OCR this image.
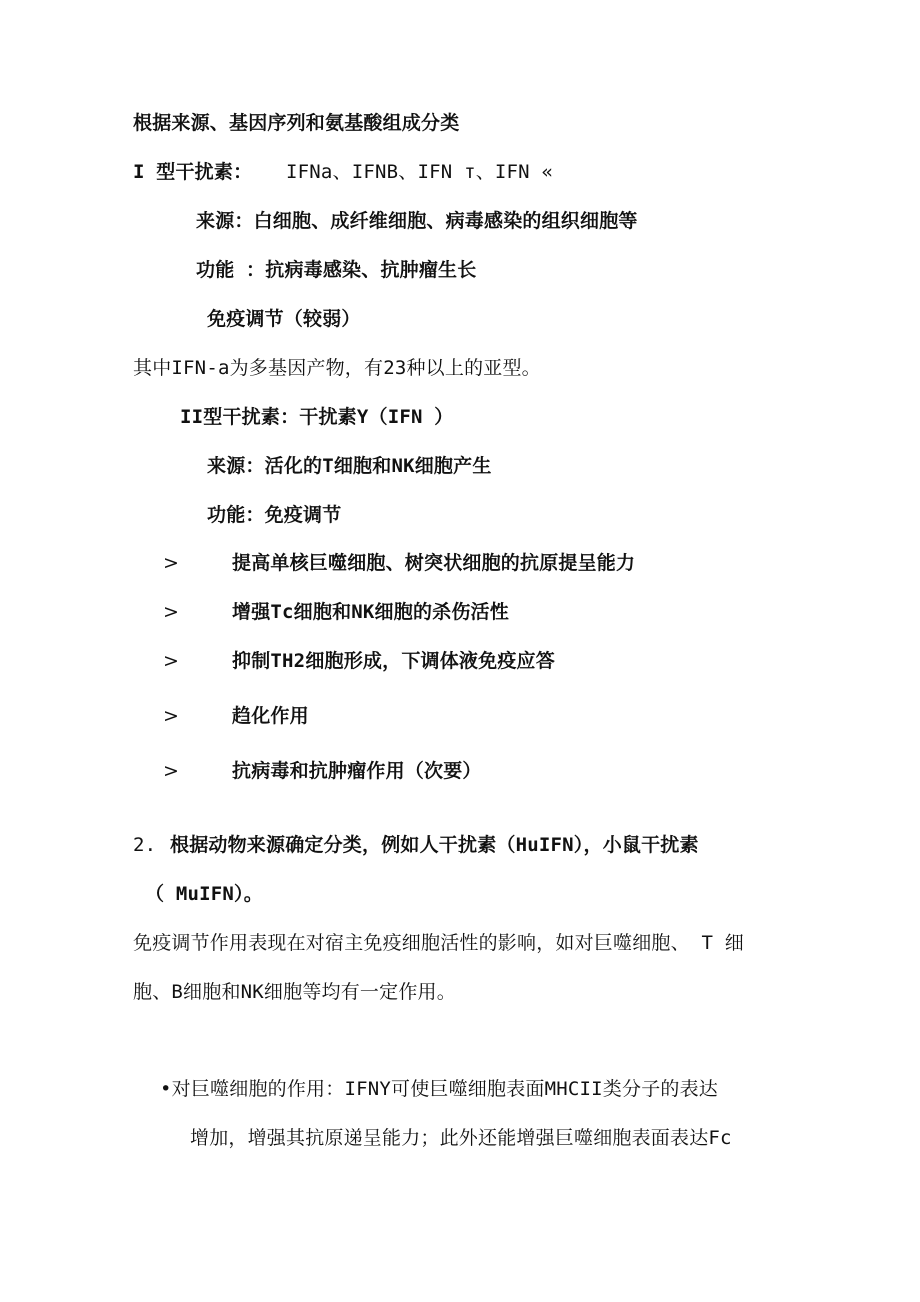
根据来源、基因序列和氨基酸组成分类
I 型干扰素： IFNa、IFNB、IFN т、IFN «
来源：白细胞、成纤维细胞、病毒感染的组织细胞等
功能 ：抗病毒感染、抗肿瘤生长
免疫调节（较弱）
其中IFN-a为多基因产物，有23种以上的亚型。
II型干扰素：干扰素Y（IFN ）
来源：活化的T细胞和NK细胞产生
功能：免疫调节
>	提高单核巨噬细胞、树突状细胞的抗原提呈能力
>	增强Tc细胞和NK细胞的杀伤活性
>	抑制TH2细胞形成，下调体液免疫应答
>	趋化作用
>	抗病毒和抗肿瘤作用（次要）
2. 根据动物来源确定分类，例如人干扰素（HuIFN），小鼠干扰素
（ MuIFN）。
免疫调节作用表现在对宿主免疫细胞活性的影响，如对巨噬细胞、 T 细
胞、B细胞和NK细胞等均有一定作用。
•对巨噬细胞的作用：IFNY可使巨噬细胞表面MHCII类分子的表达
增加，增强其抗原递呈能力；此外还能增强巨噬细胞表面表达Fc
